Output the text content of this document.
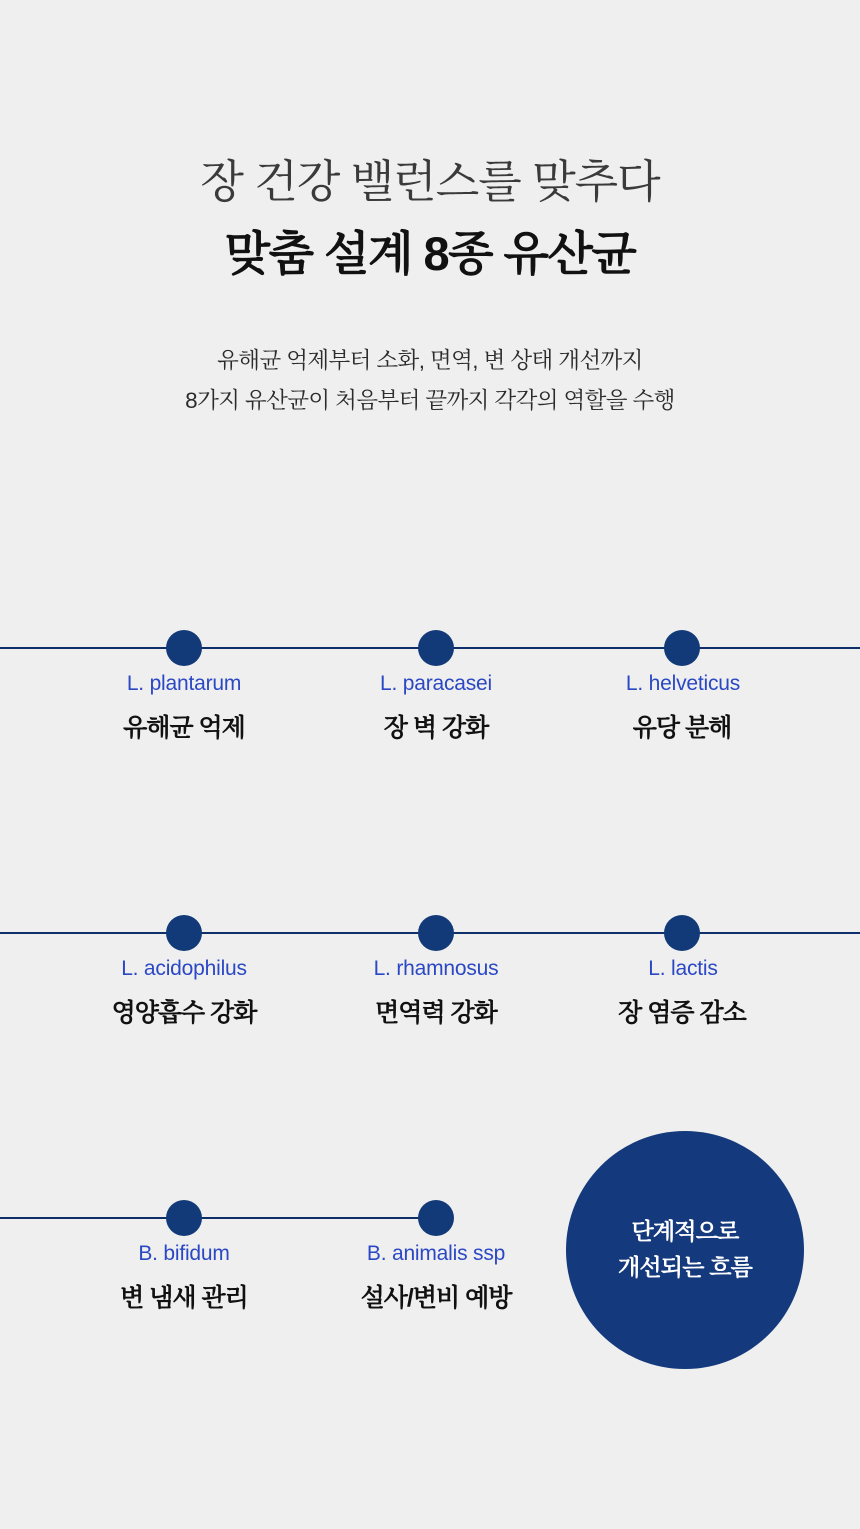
장 건강 밸런스를 맞추다
맞춤 설계 8종 유산균
유해균 억제부터 소화, 면역, 변 상태 개선까지
8가지 유산균이 처음부터 끝까지 각각의 역할을 수행
L. plantarum
유해균 억제
L. paracasei
장 벽 강화
L. helveticus
유당 분해
L. acidophilus
영양흡수 강화
L. rhamnosus
면역력 강화
L. lactis
장 염증 감소
B. bifidum
변 냄새 관리
B. animalis ssp
설사/변비 예방
단계적으로
개선되는 흐름
